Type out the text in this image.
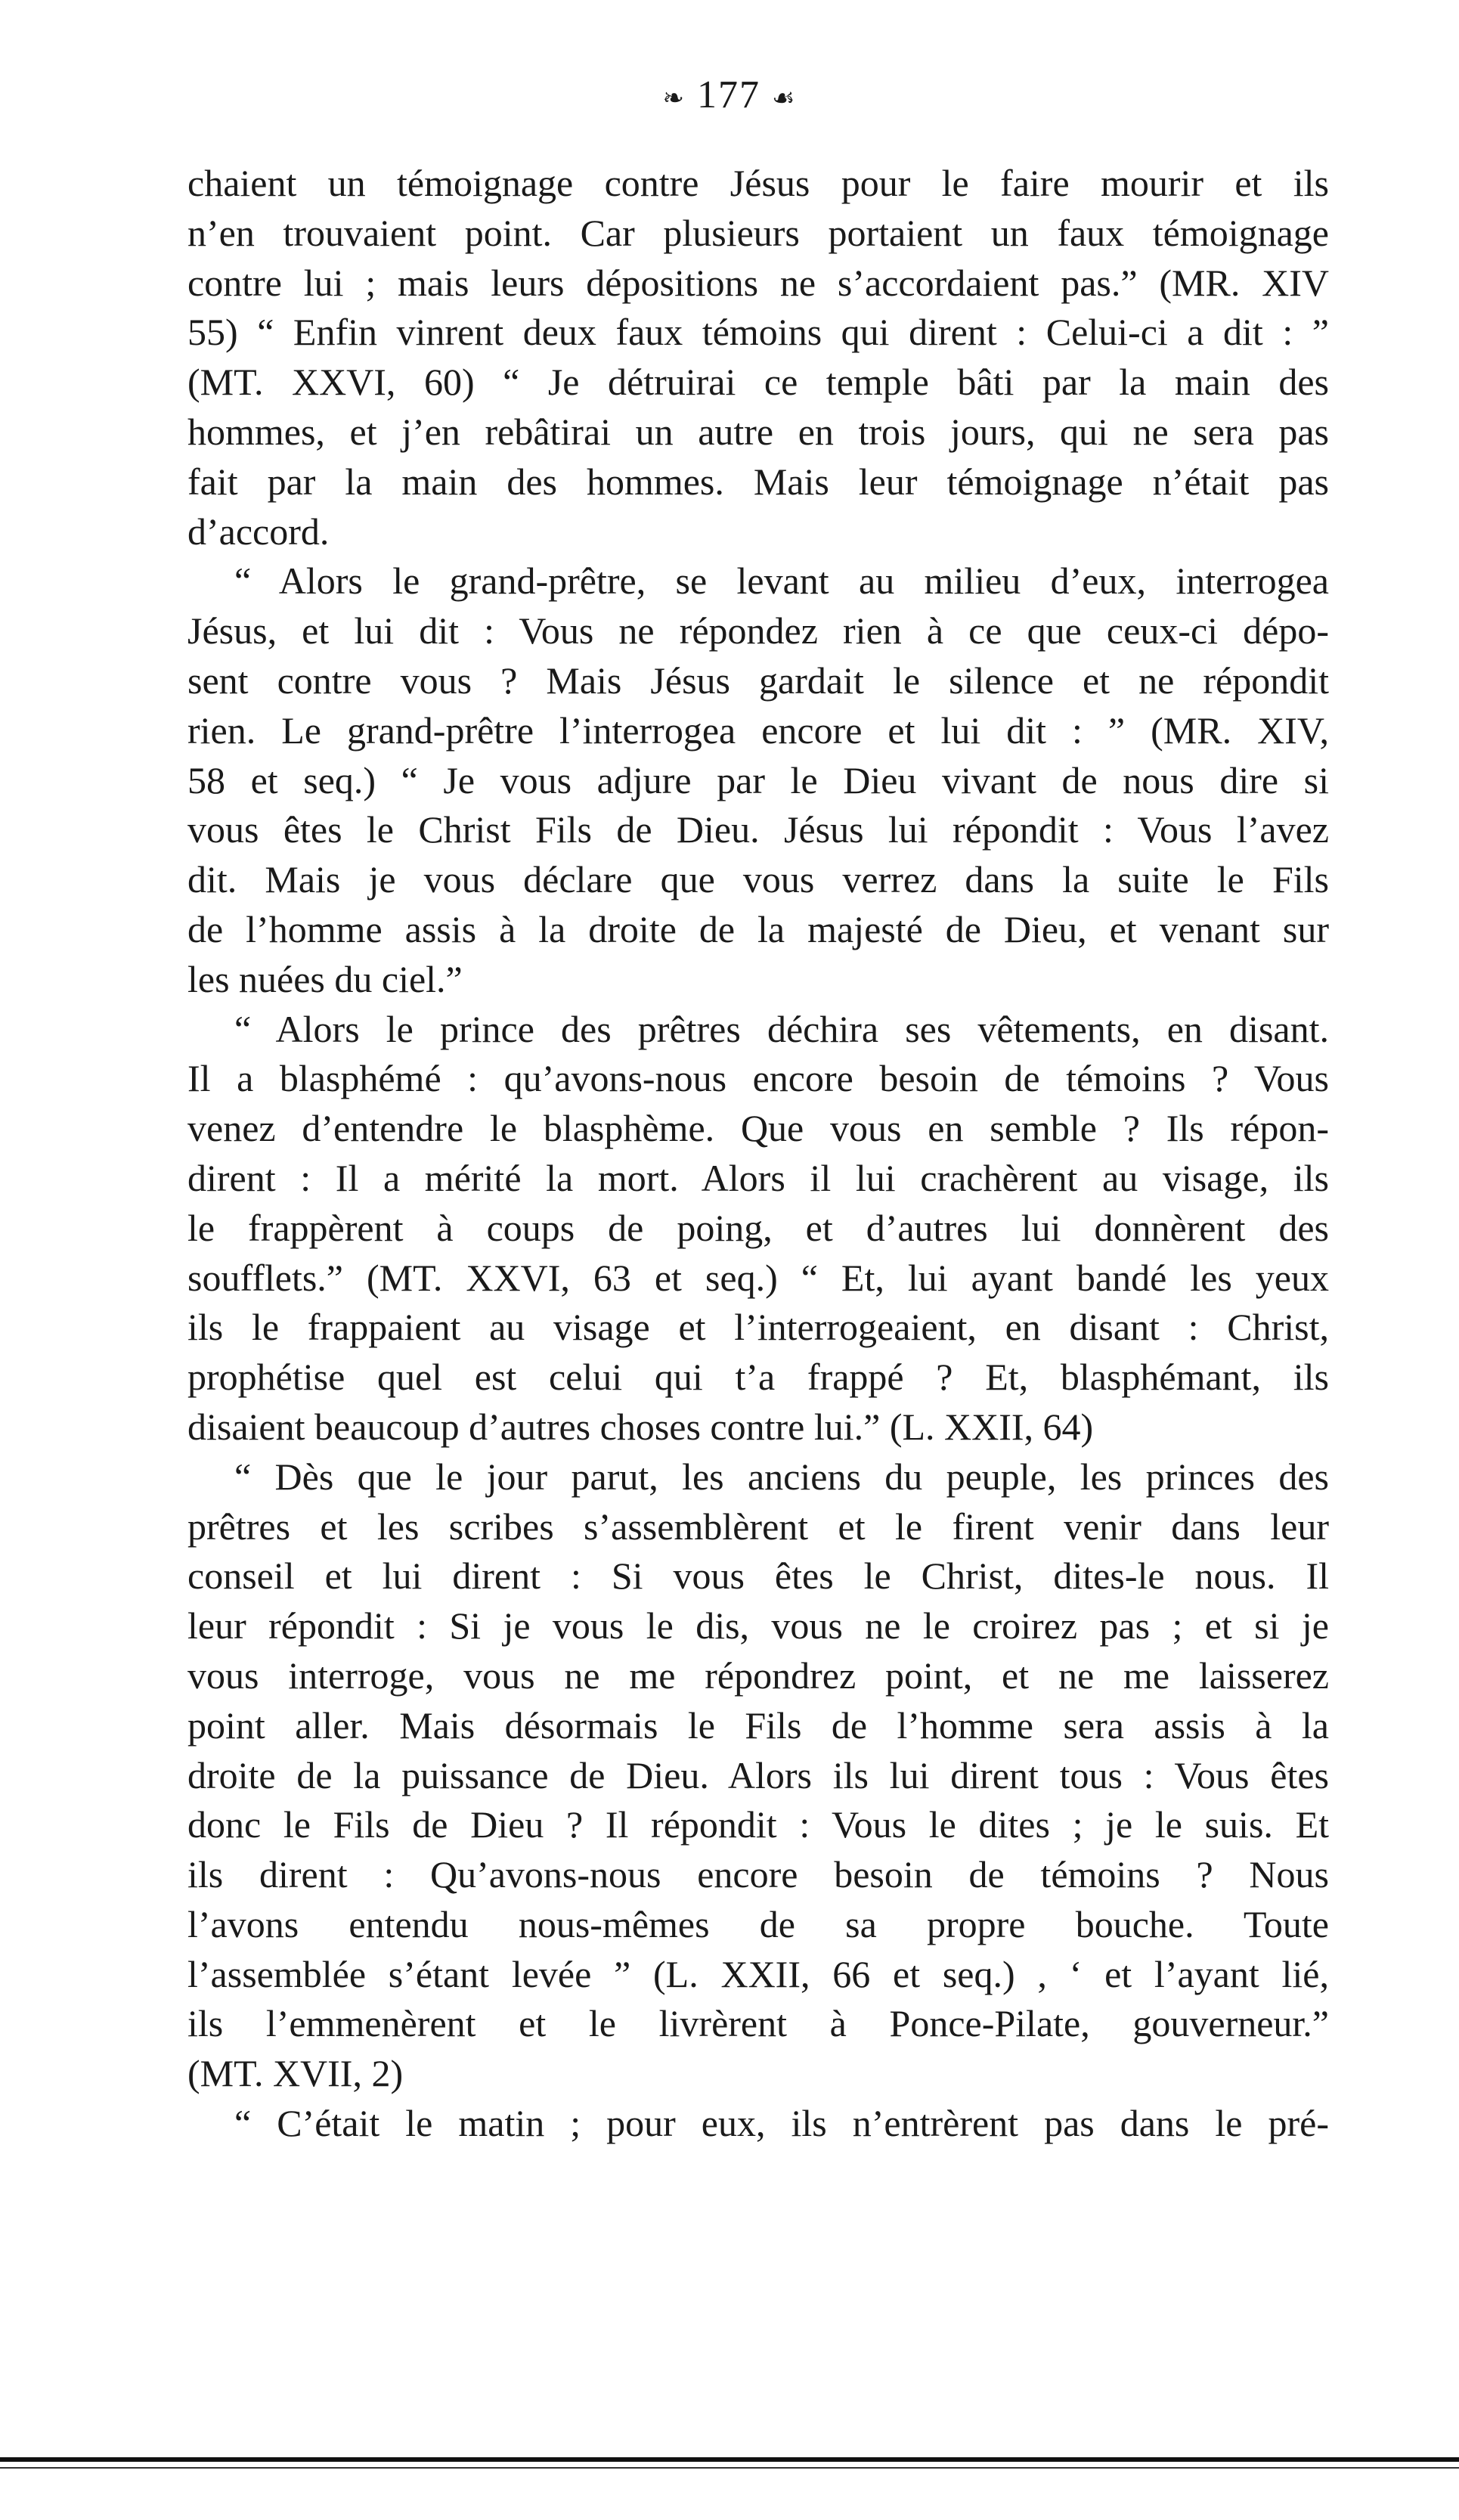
❧ 177 ☙
chaient un témoignage contre Jésus pour le faire mourir et ils
n’en trouvaient point. Car plusieurs portaient un faux témoignage
contre lui ; mais leurs dépositions ne s’accordaient pas.” (MR. XIV
55) “ Enfin vinrent deux faux témoins qui dirent : Celui-ci a dit : ”
(MT. XXVI, 60) “ Je détruirai ce temple bâti par la main des
hommes, et j’en rebâtirai un autre en trois jours, qui ne sera pas
fait par la main des hommes. Mais leur témoignage n’était pas
d’accord.
“ Alors le grand-prêtre, se levant au milieu d’eux, interrogea
Jésus, et lui dit : Vous ne répondez rien à ce que ceux-ci dépo-
sent contre vous ? Mais Jésus gardait le silence et ne répondit
rien. Le grand-prêtre l’interrogea encore et lui dit : ” (MR. XIV,
58 et seq.) “ Je vous adjure par le Dieu vivant de nous dire si
vous êtes le Christ Fils de Dieu. Jésus lui répondit : Vous l’avez
dit. Mais je vous déclare que vous verrez dans la suite le Fils
de l’homme assis à la droite de la majesté de Dieu, et venant sur
les nuées du ciel.”
“ Alors le prince des prêtres déchira ses vêtements, en disant.
Il a blasphémé : qu’avons-nous encore besoin de témoins ? Vous
venez d’entendre le blasphème. Que vous en semble ? Ils répon-
dirent : Il a mérité la mort. Alors il lui crachèrent au visage, ils
le frappèrent à coups de poing, et d’autres lui donnèrent des
soufflets.” (MT. XXVI, 63 et seq.) “ Et, lui ayant bandé les yeux
ils le frappaient au visage et l’interrogeaient, en disant : Christ,
prophétise quel est celui qui t’a frappé ? Et, blasphémant, ils
disaient beaucoup d’autres choses contre lui.” (L. XXII, 64)
“ Dès que le jour parut, les anciens du peuple, les princes des
prêtres et les scribes s’assemblèrent et le firent venir dans leur
conseil et lui dirent : Si vous êtes le Christ, dites-le nous. Il
leur répondit : Si je vous le dis, vous ne le croirez pas ; et si je
vous interroge, vous ne me répondrez point, et ne me laisserez
point aller. Mais désormais le Fils de l’homme sera assis à la
droite de la puissance de Dieu. Alors ils lui dirent tous : Vous êtes
donc le Fils de Dieu ? Il répondit : Vous le dites ; je le suis. Et
ils dirent : Qu’avons-nous encore besoin de témoins ? Nous
l’avons entendu nous-mêmes de sa propre bouche. Toute
l’assemblée s’étant levée ” (L. XXII, 66 et seq.) , ‘ et l’ayant lié,
ils l’emmenèrent et le livrèrent à Ponce-Pilate, gouverneur.”
(MT. XVII, 2)
“ C’était le matin ; pour eux, ils n’entrèrent pas dans le pré-
